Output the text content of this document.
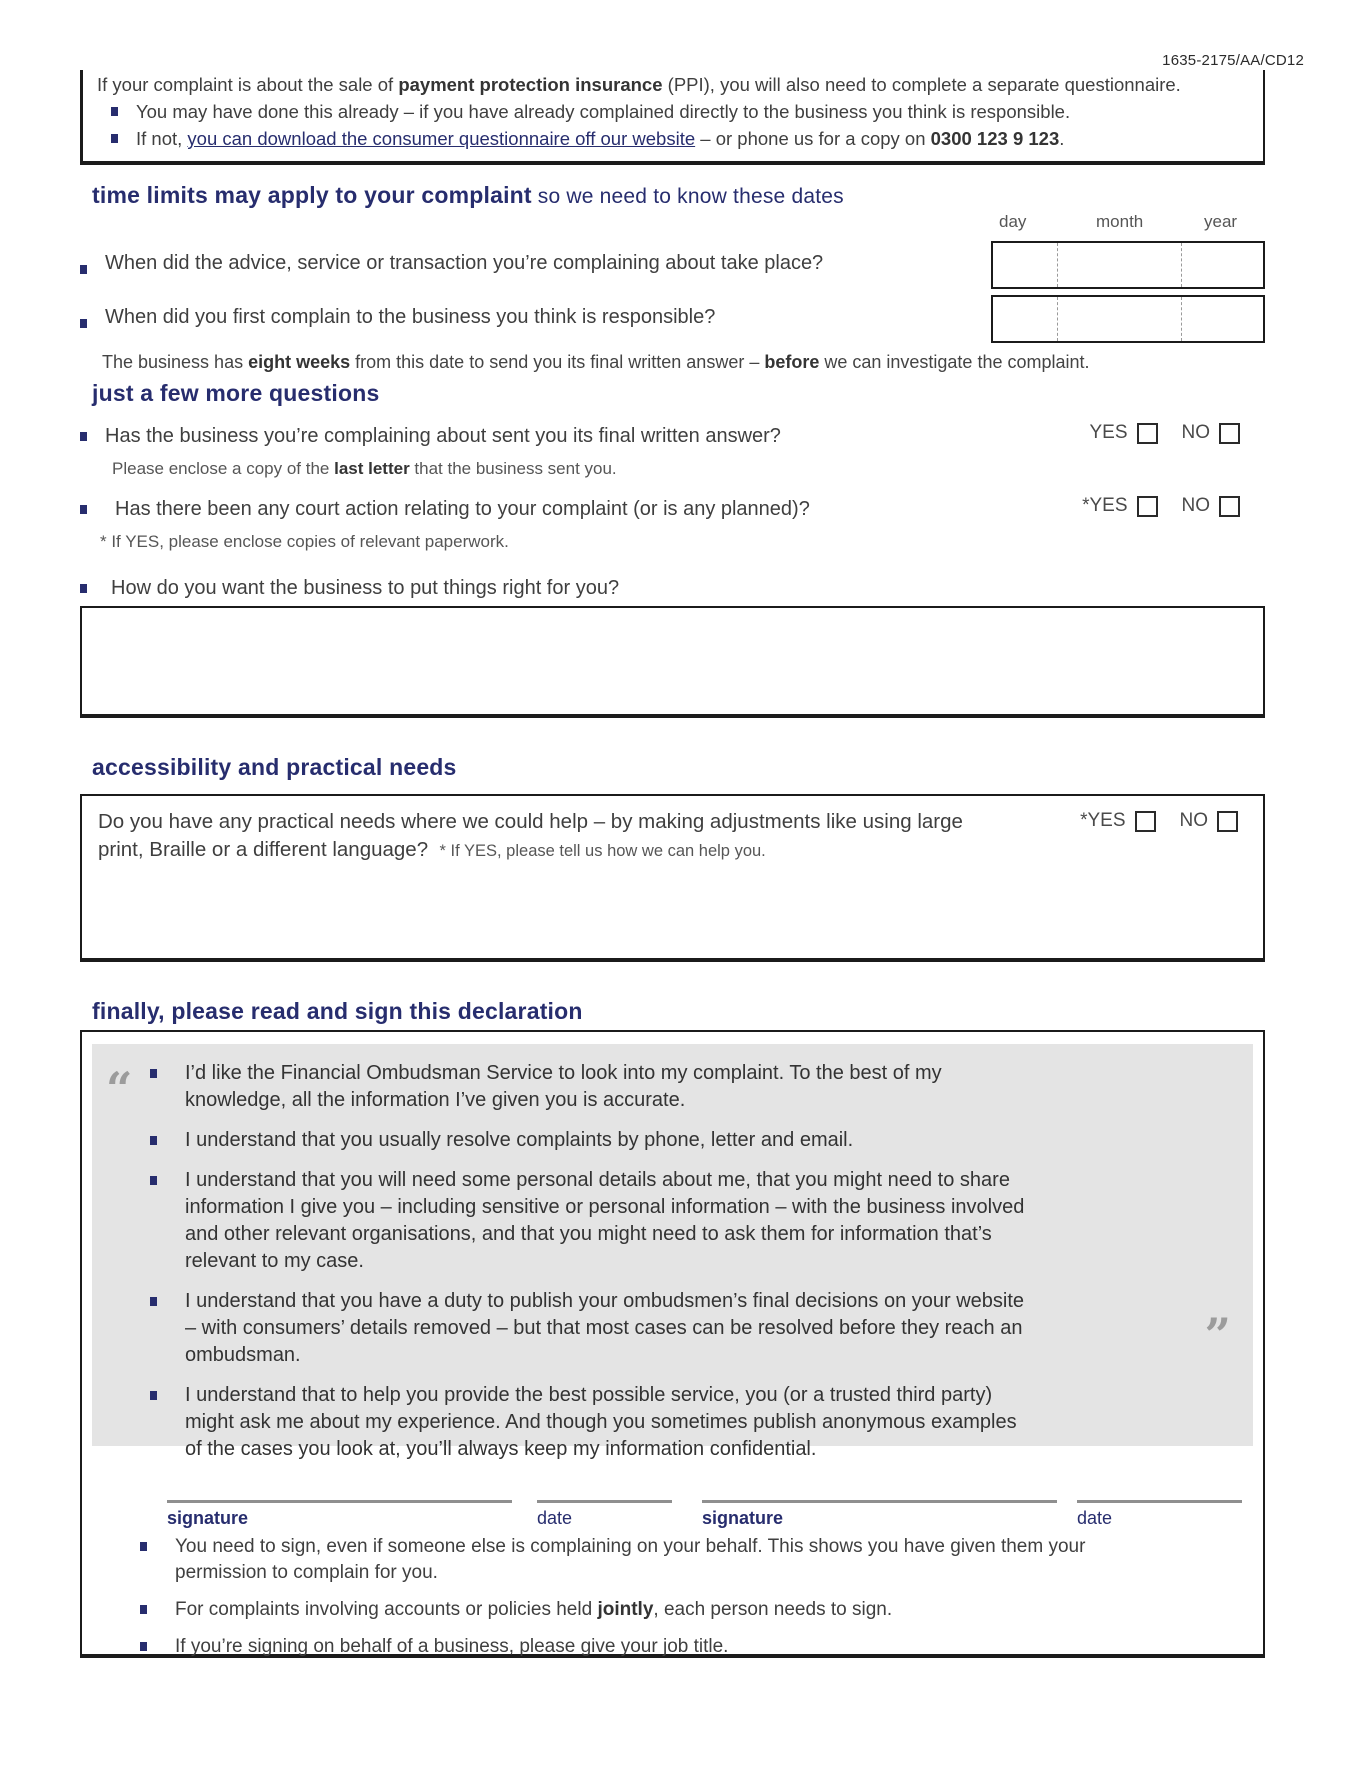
1635-2175/AA/CD12
If your complaint is about the sale of payment protection insurance (PPI), you will also need to complete a separate questionnaire.
You may have done this already – if you have already complained directly to the business you think is responsible.
If not, you can download the consumer questionnaire off our website – or phone us for a copy on 0300 123 9 123.
time limits may apply to your complaint so we need to know these dates
day	month	year
When did the advice, service or transaction you’re complaining about take place?
When did you first complain to the business you think is responsible?
The business has eight weeks from this date to send you its final written answer – before we can investigate the complaint.
just a few more questions
Has the business you’re complaining about sent you its final written answer?	YES	NO
Please enclose a copy of the last letter that the business sent you.
Has there been any court action relating to your complaint (or is any planned)?	*YES	NO
* If YES, please enclose copies of relevant paperwork.
How do you want the business to put things right for you?
accessibility and practical needs
Do you have any practical needs where we could help – by making adjustments like using large print, Braille or a different language? * If YES, please tell us how we can help you.
*YES	NO
finally, please read and sign this declaration
I’d like the Financial Ombudsman Service to look into my complaint. To the best of my knowledge, all the information I’ve given you is accurate.
I understand that you usually resolve complaints by phone, letter and email.
I understand that you will need some personal details about me, that you might need to share information I give you – including sensitive or personal information – with the business involved and other relevant organisations, and that you might need to ask them for information that’s relevant to my case.
I understand that you have a duty to publish your ombudsmen’s final decisions on your website – with consumers’ details removed – but that most cases can be resolved before they reach an ombudsman.
I understand that to help you provide the best possible service, you (or a trusted third party) might ask me about my experience. And though you sometimes publish anonymous examples of the cases you look at, you’ll always keep my information confidential.
“
”
signature	date	signature	date
You need to sign, even if someone else is complaining on your behalf. This shows you have given them your permission to complain for you.
For complaints involving accounts or policies held jointly, each person needs to sign.
If you’re signing on behalf of a business, please give your job title.
